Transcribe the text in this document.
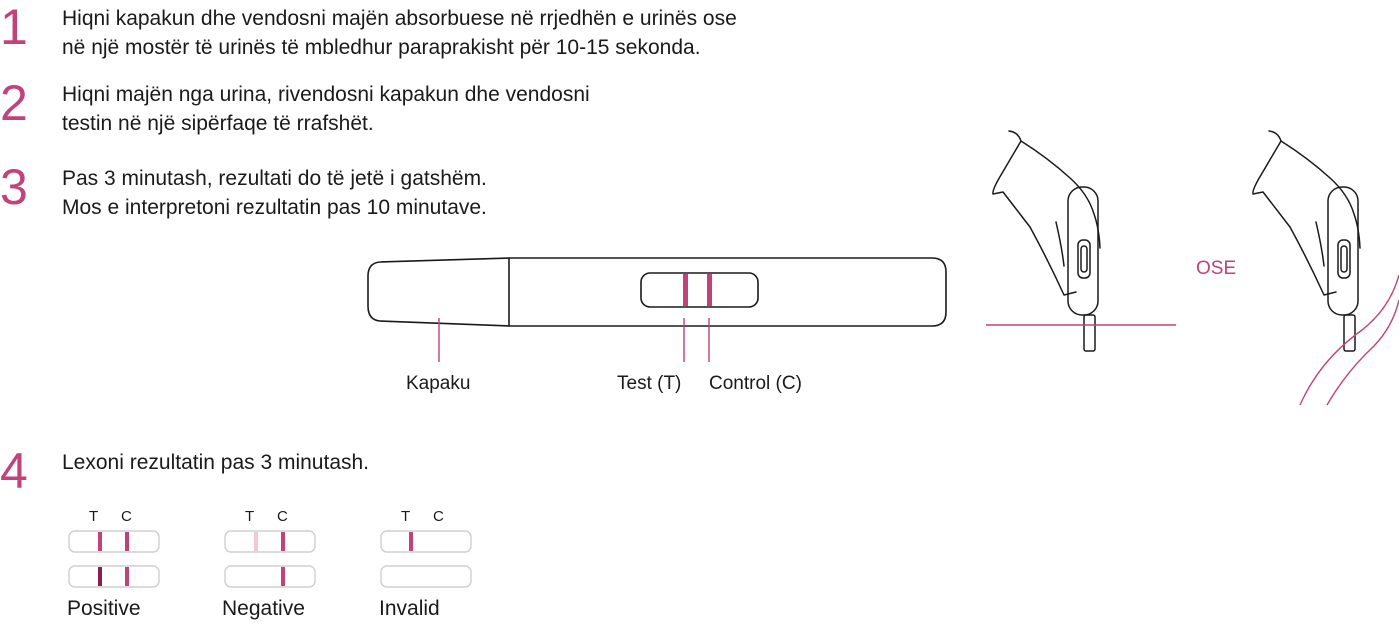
1 Hiqni kapakun dhe vendosni majën absorbuese në rrjedhën e urinës ose
në një mostër të urinës të mbledhur paraprakisht për 10-15 sekonda.
2 Hiqni majën nga urina, rivendosni kapakun dhe vendosni
testin në një sipërfaqe të rrafshët.
3 Pas 3 minutash, rezultati do të jetë i gatshëm.
Mos e interpretoni rezultatin pas 10 minutave.
4 Lexoni rezultatin pas 3 minutash.
Kapaku	Test (T) Control (C)
OSE
T C	T C	T C
Positive	Negative	Invalid
